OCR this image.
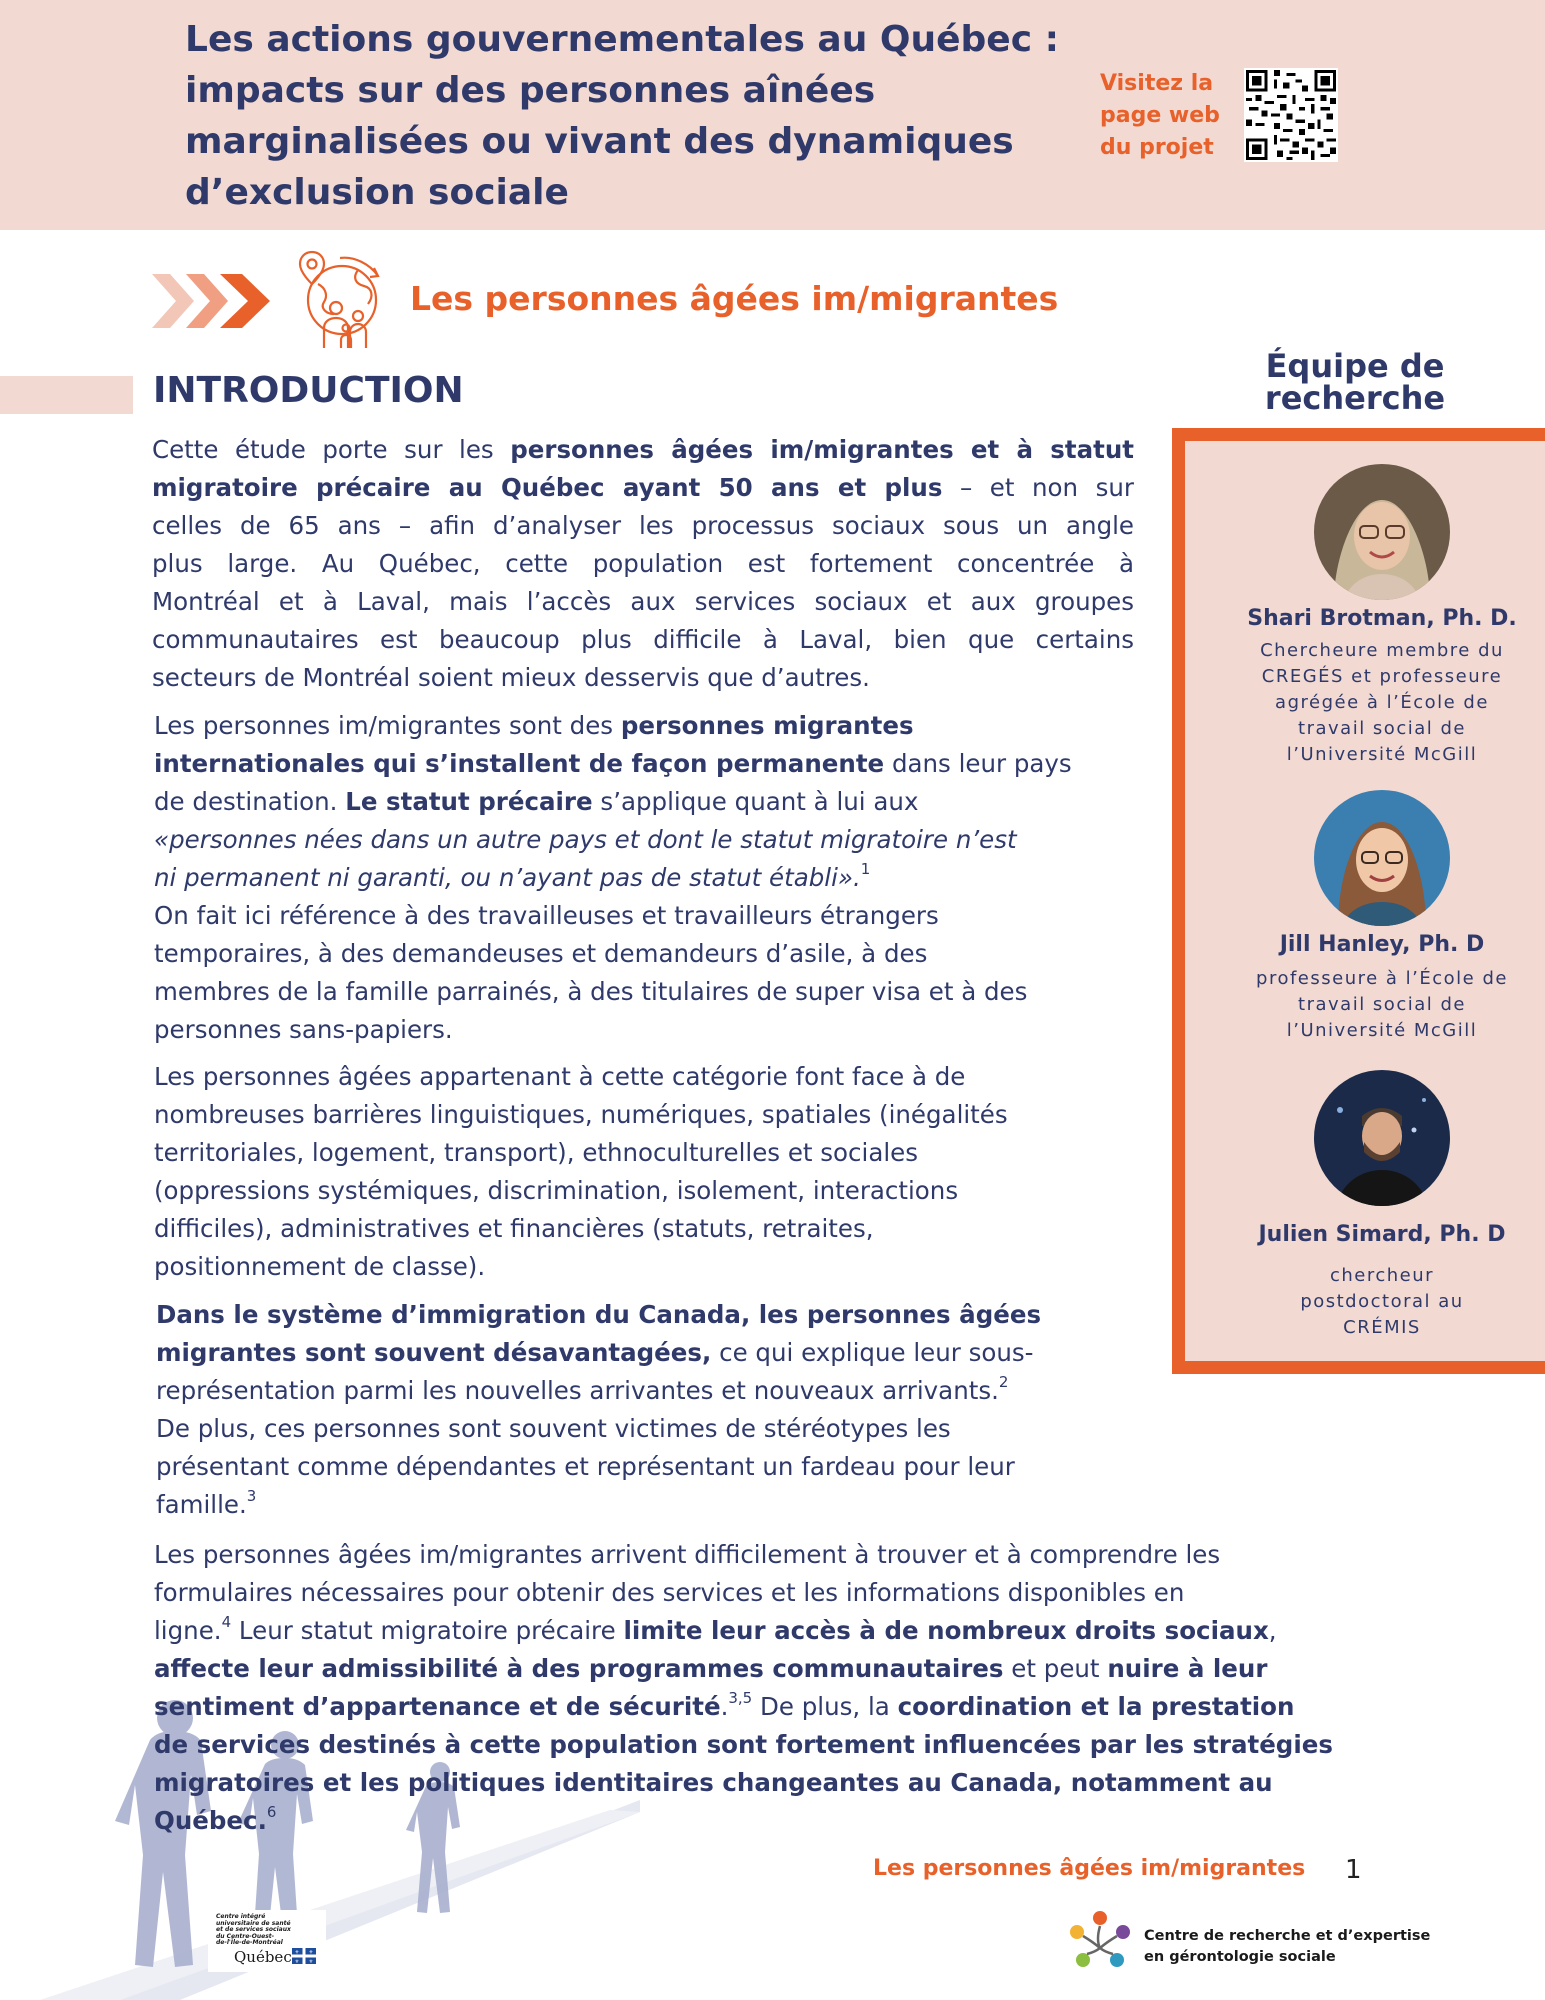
Les actions gouvernementales au Québec :
impacts sur des personnes aînées
marginalisées ou vivant des dynamiques
d’exclusion sociale
Visitez la
page web
du projet
Les personnes âgées im/migrantes
INTRODUCTION
Cette étude porte sur les personnes âgées im/migrantes et à statut
migratoire précaire au Québec ayant 50 ans et plus – et non sur
celles de 65 ans – afin d’analyser les processus sociaux sous un angle
plus large. Au Québec, cette population est fortement concentrée à
Montréal et à Laval, mais l’accès aux services sociaux et aux groupes
communautaires est beaucoup plus difficile à Laval, bien que certains
secteurs de Montréal soient mieux desservis que d’autres.
Les personnes im/migrantes sont des personnes migrantes
internationales qui s’installent de façon permanente dans leur pays
de destination. Le statut précaire s’applique quant à lui aux
«personnes nées dans un autre pays et dont le statut migratoire n’est
ni permanent ni garanti, ou n’ayant pas de statut établi».$^1$
On fait ici référence à des travailleuses et travailleurs étrangers
temporaires, à des demandeuses et demandeurs d’asile, à des
membres de la famille parrainés, à des titulaires de super visa et à des
personnes sans-papiers.
Les personnes âgées appartenant à cette catégorie font face à de
nombreuses barrières linguistiques, numériques, spatiales (inégalités
territoriales, logement, transport), ethnoculturelles et sociales
(oppressions systémiques, discrimination, isolement, interactions
difficiles), administratives et financières (statuts, retraites,
positionnement de classe).
Dans le système d’immigration du Canada, les personnes âgées
migrantes sont souvent désavantagées, ce qui explique leur sous-
représentation parmi les nouvelles arrivantes et nouveaux arrivants.$^2$
De plus, ces personnes sont souvent victimes de stéréotypes les
présentant comme dépendantes et représentant un fardeau pour leur
famille.$^3$
Les personnes âgées im/migrantes arrivent difficilement à trouver et à comprendre les
formulaires nécessaires pour obtenir des services et les informations disponibles en
ligne.$^4$ Leur statut migratoire précaire limite leur accès à de nombreux droits sociaux,
affecte leur admissibilité à des programmes communautaires et peut nuire à leur
sentiment d’appartenance et de sécurité.$^{3,5}$ De plus, la coordination et la prestation
de services destinés à cette population sont fortement influencées par les stratégies
migratoires et les politiques identitaires changeantes au Canada, notamment au
Québec.$^6$
Équipe de
recherche
Shari Brotman, Ph. D.
Chercheure membre du
CREGÉS et professeure
agrégée à l’École de
travail social de
l’Université McGill
Jill Hanley, Ph. D
professeure à l’École de
travail social de
l’Université McGill
Julien Simard, Ph. D
chercheur
postdoctoral au
CRÉMIS
Les personnes âgées im/migrantes 1
Centre intégré
universitaire de santé
et de services sociaux
du Centre-Ouest-
de-l'Île-de-Montréal
Québec ⚜ ⚜
⚜ ⚜
Centre de recherche et d’expertise
en gérontologie sociale
